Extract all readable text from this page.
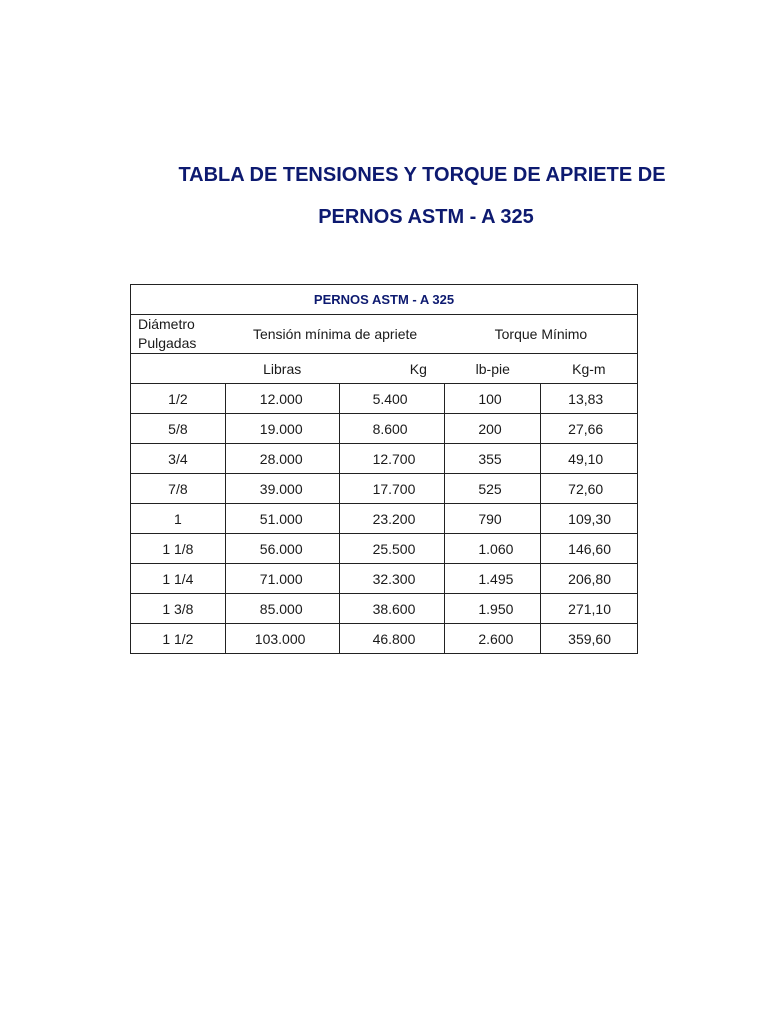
TABLA DE TENSIONES Y TORQUE DE APRIETE DE
PERNOS ASTM - A 325
PERNOS ASTM - A 325				
Diámetro
Pulgadas	Tensión mínima de apriete		Torque Mínimo	
	Libras	Kg	lb-pie	Kg-m
1/2	12.000	5.400	100	13,83
5/8	19.000	8.600	200	27,66
3/4	28.000	12.700	355	49,10
7/8	39.000	17.700	525	72,60
1	51.000	23.200	790	109,30
1 1/8	56.000	25.500	1.060	146,60
1 1/4	71.000	32.300	1.495	206,80
1 3/8	85.000	38.600	1.950	271,10
1 1/2	103.000	46.800	2.600	359,60
